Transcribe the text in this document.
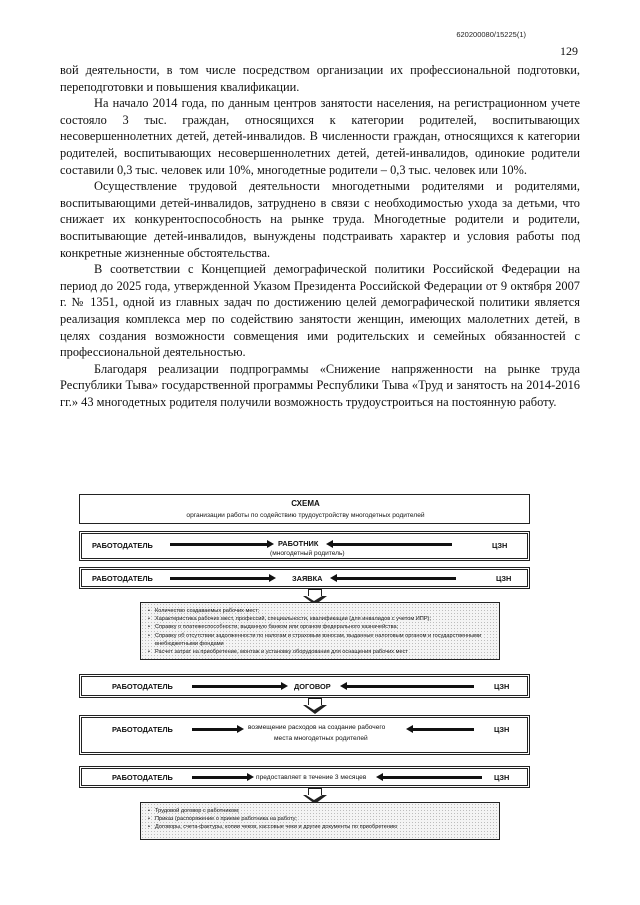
620200080/15225(1)
129

вой деятельности, в том числе посредством организации их профессиональной подготовки, переподготовки и повышения квалификации.

На начало 2014 года, по данным центров занятости населения, на регистрационном учете состояло 3 тыс. граждан, относящихся к категории родителей, воспитывающих несовершеннолетних детей, детей-инвалидов. В численности граждан, относящихся к категории родителей, воспитывающих несовершеннолетних детей, детей-инвалидов, одинокие родители составили 0,3 тыс. человек или 10%, многодетные родители – 0,3 тыс. человек или 10%.

Осуществление трудовой деятельности многодетными родителями и родителями, воспитывающими детей-инвалидов, затруднено в связи с необходимостью ухода за детьми, что снижает их конкурентоспособность на рынке труда. Многодетные родители и родители, воспитывающие детей-инвалидов, вынуждены подстраивать характер и условия работы под конкретные жизненные обстоятельства.

В соответствии с Концепцией демографической политики Российской Федерации на период до 2025 года, утвержденной Указом Президента Российской Федерации от 9 октября 2007 г. № 1351, одной из главных задач по достижению целей демографической политики является реализация комплекса мер по содействию занятости женщин, имеющих малолетних детей, в целях создания возможности совмещения ими родительских и семейных обязанностей с профессиональной деятельностью.

Благодаря реализации подпрограммы «Снижение напряженности на рынке труда Республики Тыва» государственной программы Республики Тыва «Труд и занятость на 2014-2016 гг.» 43 многодетных родителя получили возможность трудоустроиться на постоянную работу.

СХЕМА
организации работы по содействию трудоустройству многодетных родителей
РАБОТОДАТЕЛЬ	РАБОТНИК
(многодетный родитель)
ЦЗН
РАБОТОДАТЕЛЬ	ЗАЯВКА	ЦЗН
• Количество создаваемых рабочих мест;
• Характеристика рабочих мест, профессий, специальности, квалификации (для инвалидов с учетом ИПР);
• Справку о платежеспособности, выданную банком или органом федерального казначейства;
• Справку об отсутствии задолженности по налогам и страховым взносам, выданные налоговым органом и государственными внебюджетными фондами
• Расчет затрат на приобретение, монтаж и установку оборудования для оснащения рабочих мест
РАБОТОДАТЕЛЬ	ДОГОВОР	ЦЗН
РАБОТОДАТЕЛЬ	возмещение расходов на создание рабочего
места многодетных родителей
ЦЗН
РАБОТОДАТЕЛЬ	предоставляет в течение 3 месяцев	ЦЗН
• Трудовой договор с работником;
• Приказ (распоряжение о приеме работника на работу;
• Договоры, счета-фактуры, копии чеков, кассовые чеки и другие документы по приобретению
